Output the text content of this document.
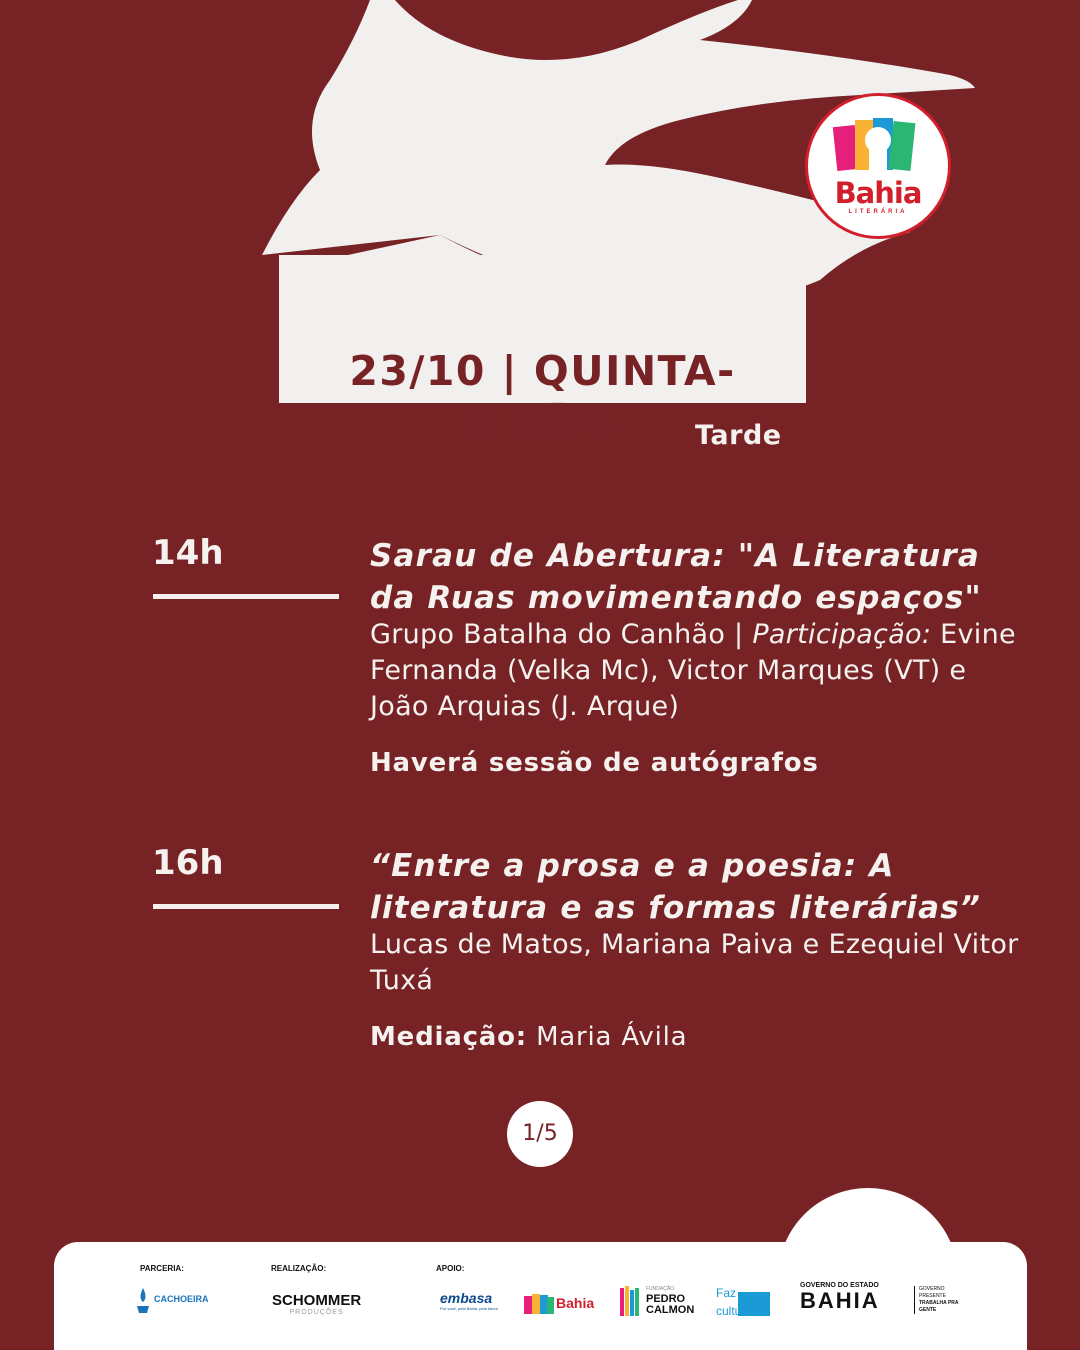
23/10 | QUINTA-FEIRA	Tarde
Bahia
LITERÁRIA
14h	Sarau de Abertura: "A Literatura da Ruas movimentando espaços"
Grupo Batalha do Canhão | Participação: Evine Fernanda (Velka Mc), Victor Marques (VT) e João Arquias (J. Arque)
Haverá sessão de autógrafos
16h	“Entre a prosa e a poesia: A literatura e as formas literárias”
Lucas de Matos, Mariana Paiva e Ezequiel Vitor Tuxá
Mediação: Maria Ávila
1/5
PARCERIA:	REALIZAÇÃO:	APOIO:
CACHOEIRA	SCHOMMER
PRODUÇÕES
embasa
Por você, pela Bahia, pela futuro	Bahia
FUNDAÇÃO
PEDRO CALMON
Faz cultura
GOVERNO DO ESTADO
BAHIA	GOVERNO PRESENTE
TRABALHA PRA GENTE
